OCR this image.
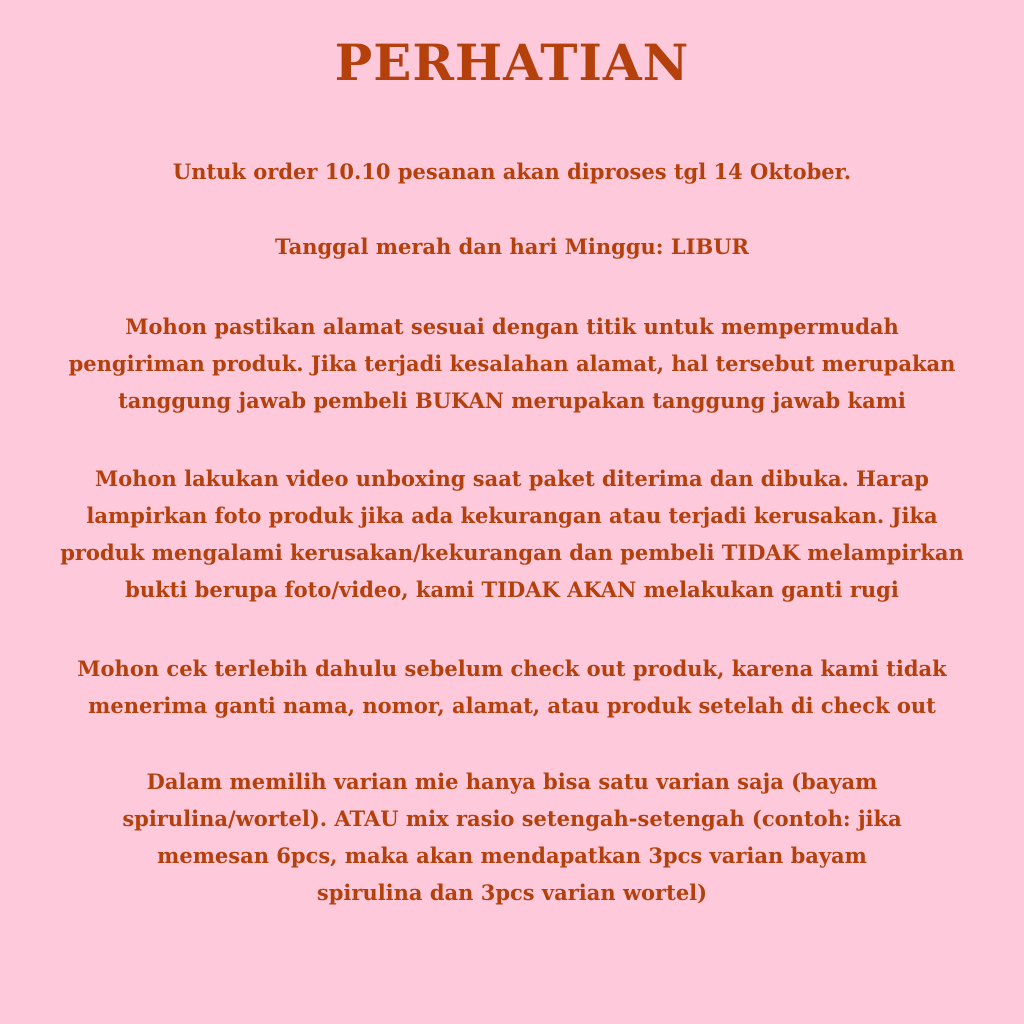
PERHATIAN

Untuk order 10.10 pesanan akan diproses tgl 14 Oktober.

Tanggal merah dan hari Minggu: LIBUR

Mohon pastikan alamat sesuai dengan titik untuk mempermudah
pengiriman produk. Jika terjadi kesalahan alamat, hal tersebut merupakan
tanggung jawab pembeli BUKAN merupakan tanggung jawab kami

Mohon lakukan video unboxing saat paket diterima dan dibuka. Harap
lampirkan foto produk jika ada kekurangan atau terjadi kerusakan. Jika
produk mengalami kerusakan/kekurangan dan pembeli TIDAK melampirkan
bukti berupa foto/video, kami TIDAK AKAN melakukan ganti rugi

Mohon cek terlebih dahulu sebelum check out produk, karena kami tidak
menerima ganti nama, nomor, alamat, atau produk setelah di check out

Dalam memilih varian mie hanya bisa satu varian saja (bayam
spirulina/wortel). ATAU mix rasio setengah-setengah (contoh: jika
memesan 6pcs, maka akan mendapatkan 3pcs varian bayam
spirulina dan 3pcs varian wortel)
